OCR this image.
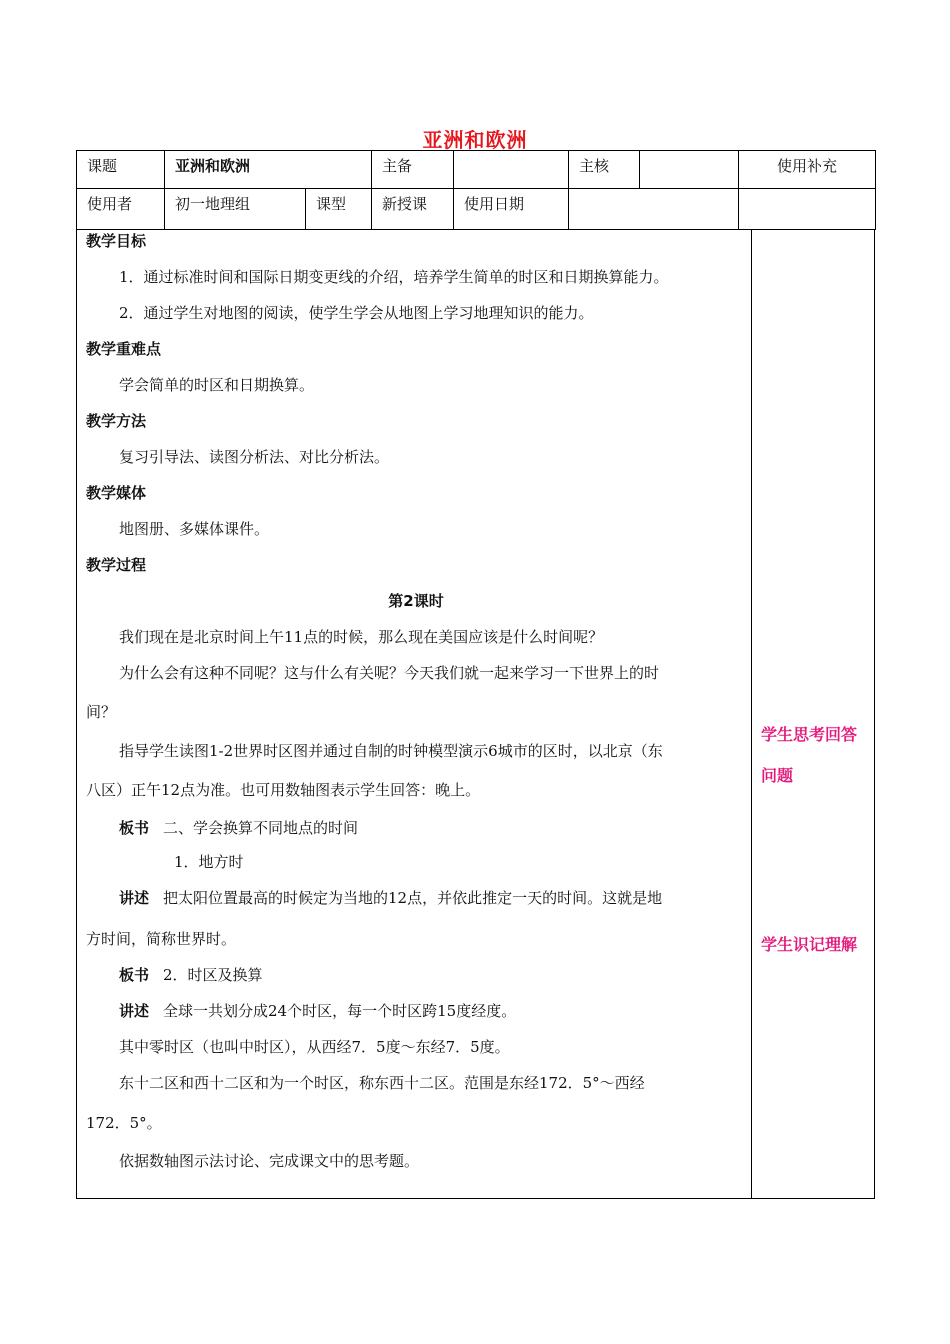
亚洲和欧洲
课题	亚洲和欧洲		主备		主核		使用补充
使用者	初一地理组	课型	新授课	使用日期			
教学目标
1．通过标准时间和国际日期变更线的介绍，培养学生简单的时区和日期换算能力。
2．通过学生对地图的阅读，使学生学会从地图上学习地理知识的能力。
教学重难点
学会简单的时区和日期换算。
教学方法
复习引导法、读图分析法、对比分析法。
教学媒体
地图册、多媒体课件。
教学过程
第2课时
我们现在是北京时间上午11点的时候，那么现在美国应该是什么时间呢？
为什么会有这种不同呢？这与什么有关呢？今天我们就一起来学习一下世界上的时
间？
指导学生读图1-2世界时区图并通过自制的时钟模型演示6城市的区时，以北京（东
八区）正午12点为准。也可用数轴图表示学生回答：晚上。
板书 二、学会换算不同地点的时间
1．地方时
讲述 把太阳位置最高的时候定为当地的12点，并依此推定一天的时间。这就是地
方时间，简称世界时。
板书 2．时区及换算
讲述 全球一共划分成24个时区，每一个时区跨15度经度。
其中零时区（也叫中时区），从西经7．5度～东经7．5度。
东十二区和西十二区和为一个时区，称东西十二区。范围是东经172．5°～西经
172．5°。
依据数轴图示法讨论、完成课文中的思考题。
学生思考回答
问题
学生识记理解
